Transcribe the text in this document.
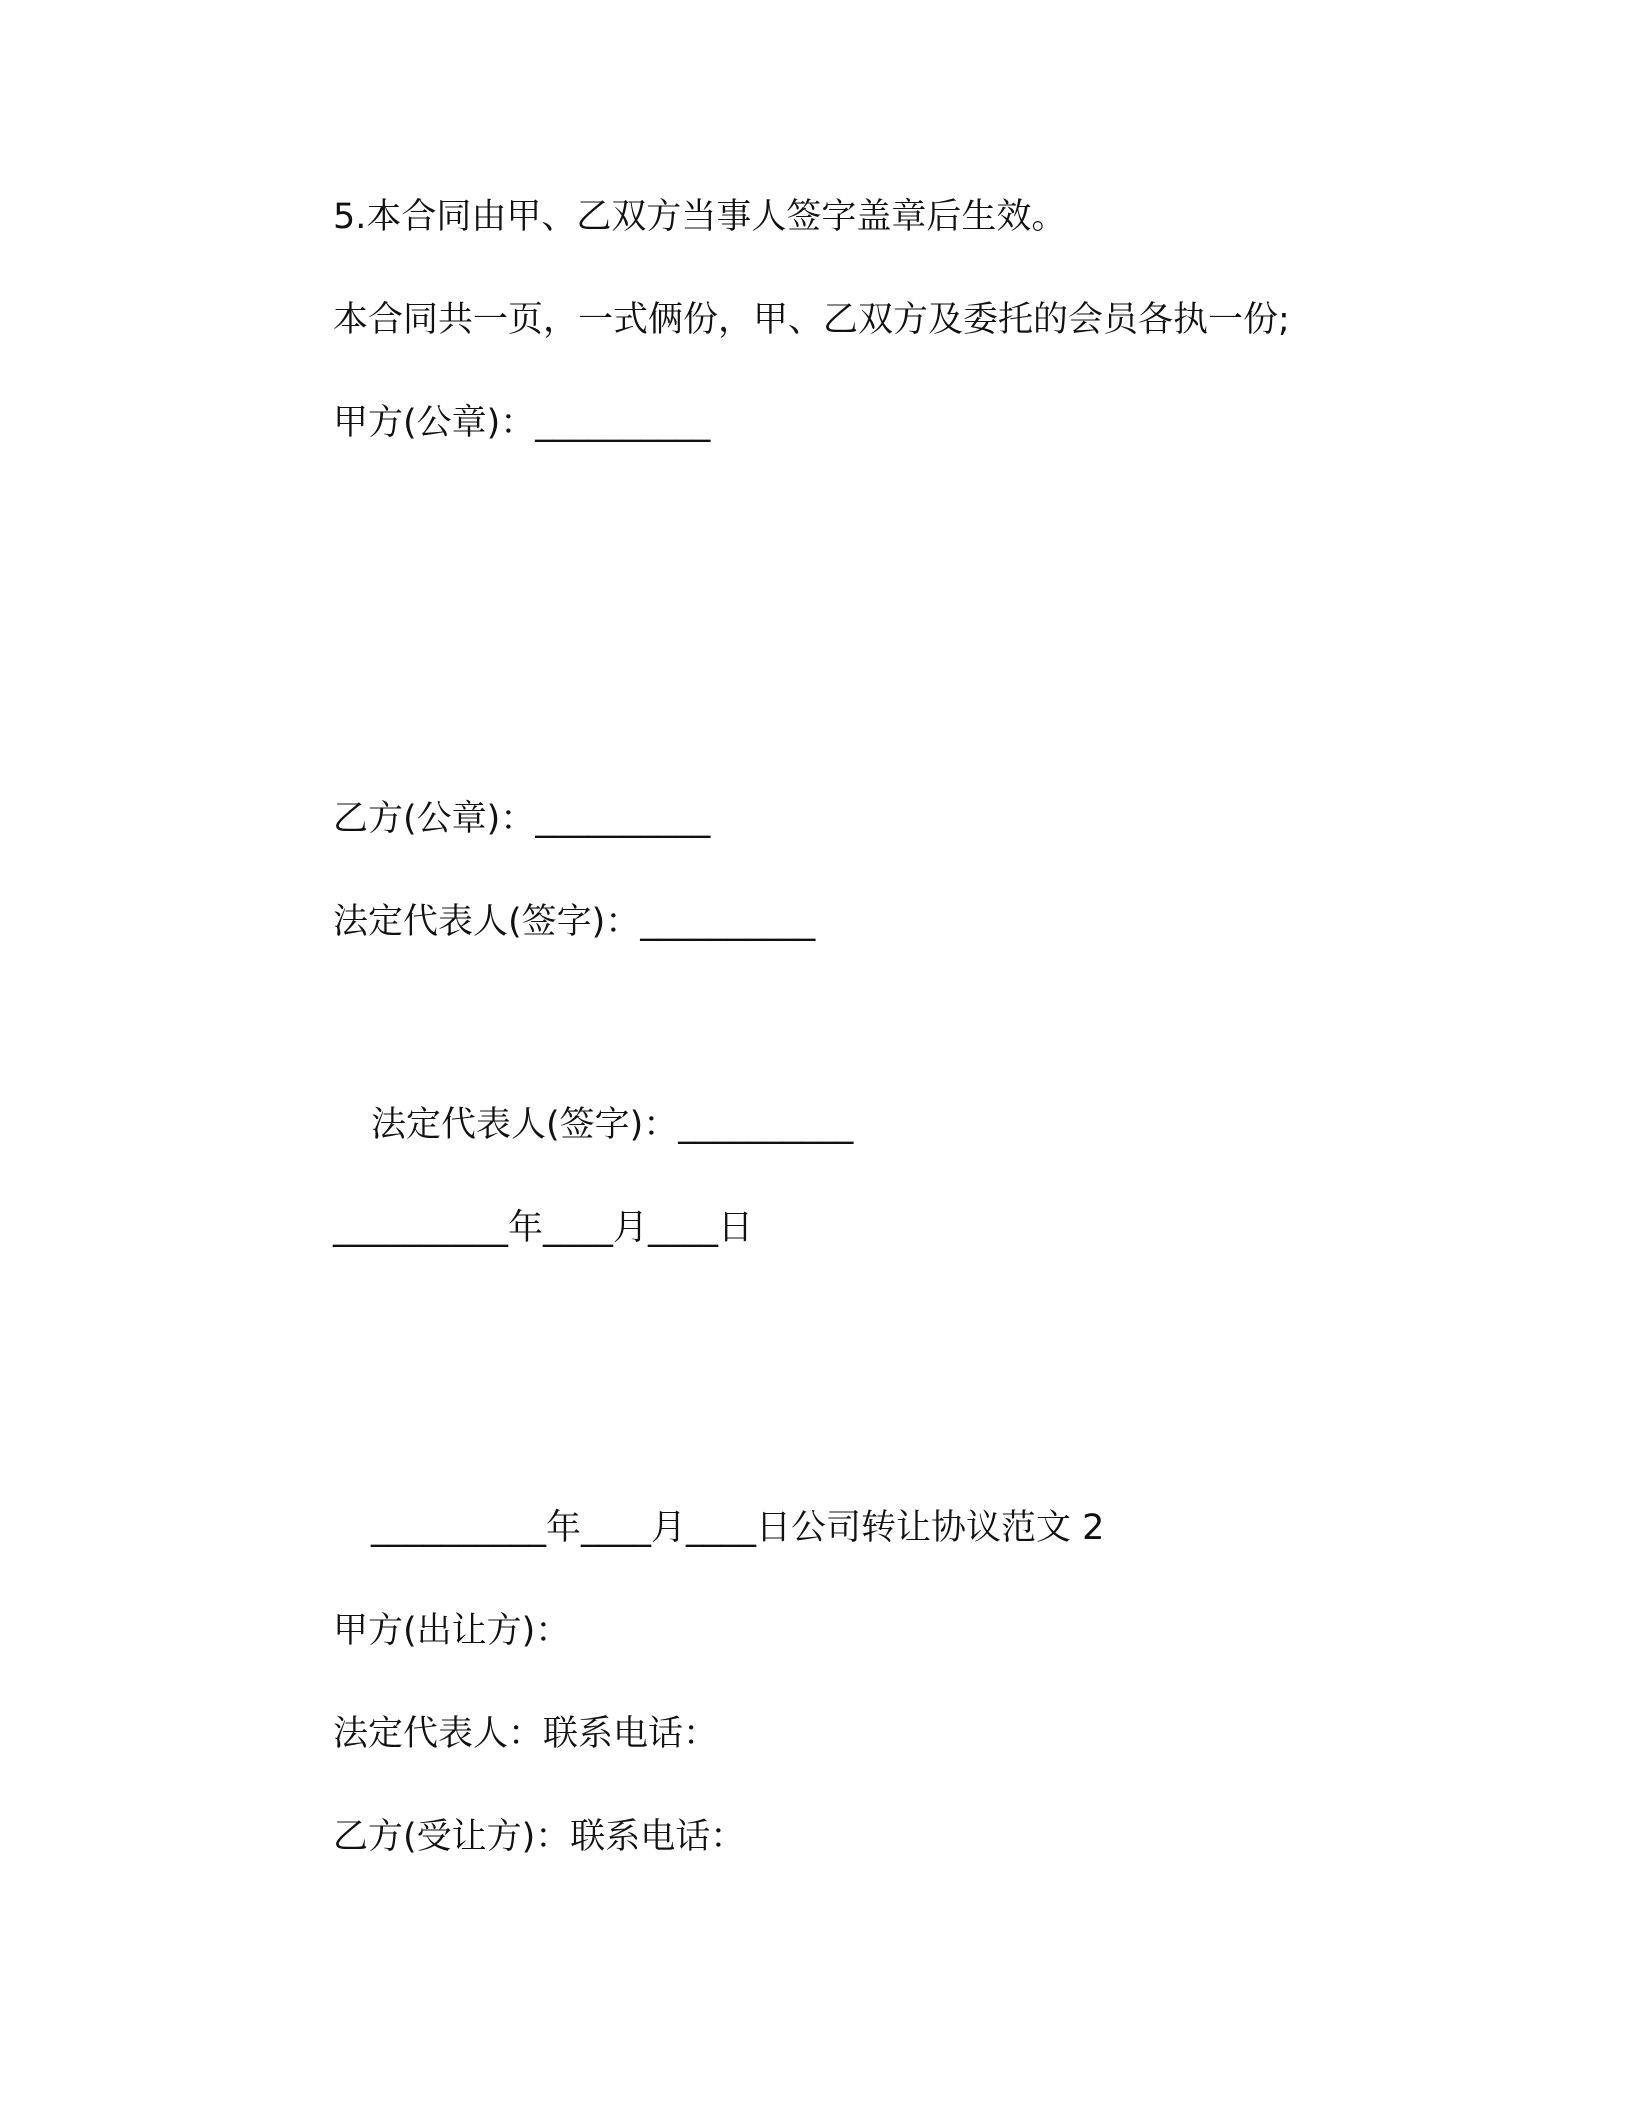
5.本合同由甲、乙双方当事人签字盖章后生效。
本合同共一页，一式俩份，甲、乙双方及委托的会员各执一份;
甲方(公章)：__________
乙方(公章)：__________
法定代表人(签字)：__________
法定代表人(签字)：__________
__________年____月____日
__________年____月____日公司转让协议范文 2
甲方(出让方)：
法定代表人：联系电话：
乙方(受让方)：联系电话：
